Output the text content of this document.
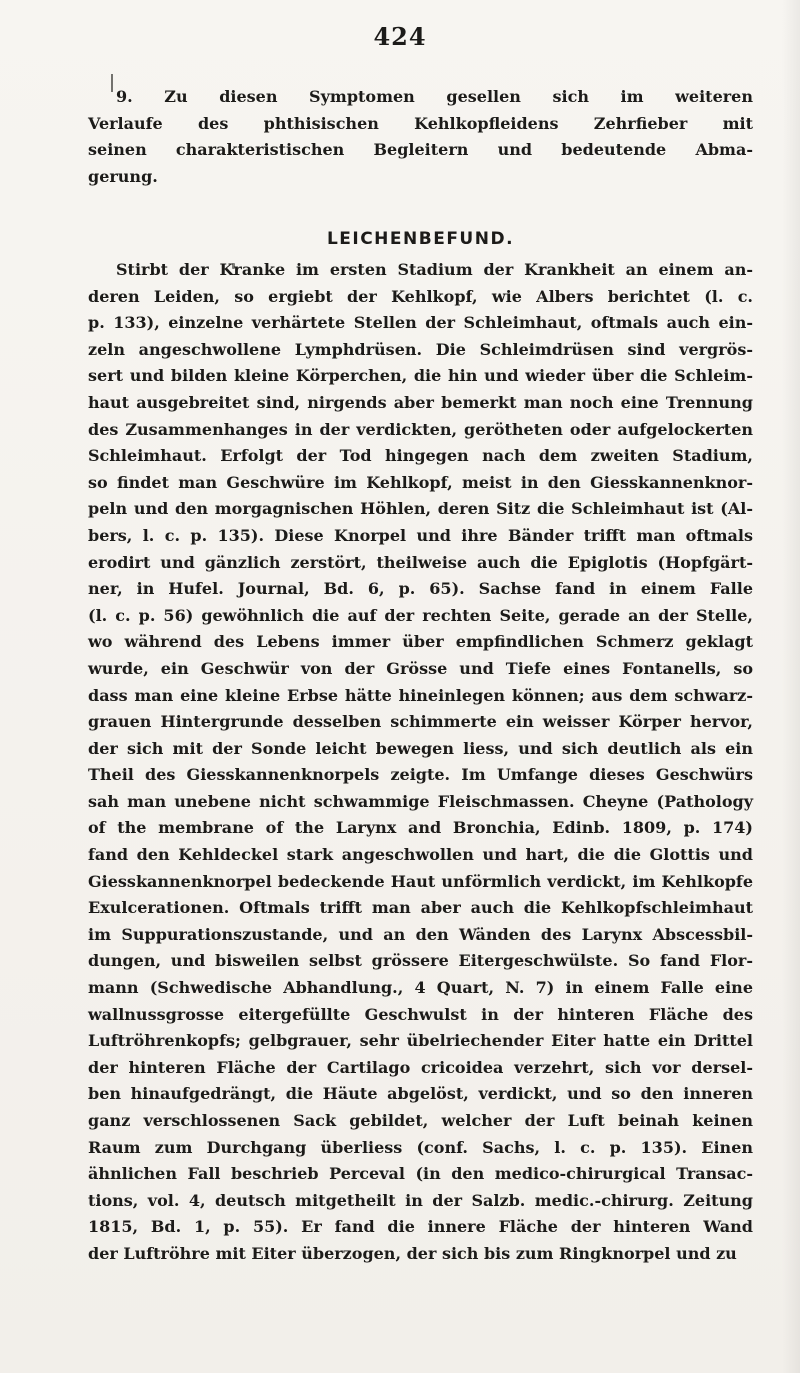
424
9. Zu diesen Symptomen gesellen sich im weiteren
Verlaufe des phthisischen Kehlkopfleidens Zehrfieber mit
seinen charakteristischen Begleitern und bedeutende Abma-
gerung.
LEICHENBEFUND.
Stirbt der Kranke im ersten Stadium der Krankheit an einem an-
deren Leiden, so ergiebt der Kehlkopf, wie Albers berichtet (l. c.
p. 133), einzelne verhärtete Stellen der Schleimhaut, oftmals auch ein-
zeln angeschwollene Lymphdrüsen. Die Schleimdrüsen sind vergrös-
sert und bilden kleine Körperchen, die hin und wieder über die Schleim-
haut ausgebreitet sind, nirgends aber bemerkt man noch eine Trennung
des Zusammenhanges in der verdickten, gerötheten oder aufgelockerten
Schleimhaut. Erfolgt der Tod hingegen nach dem zweiten Stadium,
so findet man Geschwüre im Kehlkopf, meist in den Giesskannenknor-
peln und den morgagnischen Höhlen, deren Sitz die Schleimhaut ist (Al-
bers, l. c. p. 135). Diese Knorpel und ihre Bänder trifft man oftmals
erodirt und gänzlich zerstört, theilweise auch die Epiglotis (Hopfgärt-
ner, in Hufel. Journal, Bd. 6, p. 65). Sachse fand in einem Falle
(l. c. p. 56) gewöhnlich die auf der rechten Seite, gerade an der Stelle,
wo während des Lebens immer über empfindlichen Schmerz geklagt
wurde, ein Geschwür von der Grösse und Tiefe eines Fontanells, so
dass man eine kleine Erbse hätte hineinlegen können; aus dem schwarz-
grauen Hintergrunde desselben schimmerte ein weisser Körper hervor,
der sich mit der Sonde leicht bewegen liess, und sich deutlich als ein
Theil des Giesskannenknorpels zeigte. Im Umfange dieses Geschwürs
sah man unebene nicht schwammige Fleischmassen. Cheyne (Pathology
of the membrane of the Larynx and Bronchia, Edinb. 1809, p. 174)
fand den Kehldeckel stark angeschwollen und hart, die die Glottis und
Giesskannenknorpel bedeckende Haut unförmlich verdickt, im Kehlkopfe
Exulcerationen. Oftmals trifft man aber auch die Kehlkopfschleimhaut
im Suppurationszustande, und an den Wänden des Larynx Abscessbil-
dungen, und bisweilen selbst grössere Eitergeschwülste. So fand Flor-
mann (Schwedische Abhandlung., 4 Quart, N. 7) in einem Falle eine
wallnussgrosse eitergefüllte Geschwulst in der hinteren Fläche des
Luftröhrenkopfs; gelbgrauer, sehr übelriechender Eiter hatte ein Drittel
der hinteren Fläche der Cartilago cricoidea verzehrt, sich vor dersel-
ben hinaufgedrängt, die Häute abgelöst, verdickt, und so den inneren
ganz verschlossenen Sack gebildet, welcher der Luft beinah keinen
Raum zum Durchgang überliess (conf. Sachs, l. c. p. 135). Einen
ähnlichen Fall beschrieb Perceval (in den medico-chirurgical Transac-
tions, vol. 4, deutsch mitgetheilt in der Salzb. medic.-chirurg. Zeitung
1815, Bd. 1, p. 55). Er fand die innere Fläche der hinteren Wand
der Luftröhre mit Eiter überzogen, der sich bis zum Ringknorpel und zu
